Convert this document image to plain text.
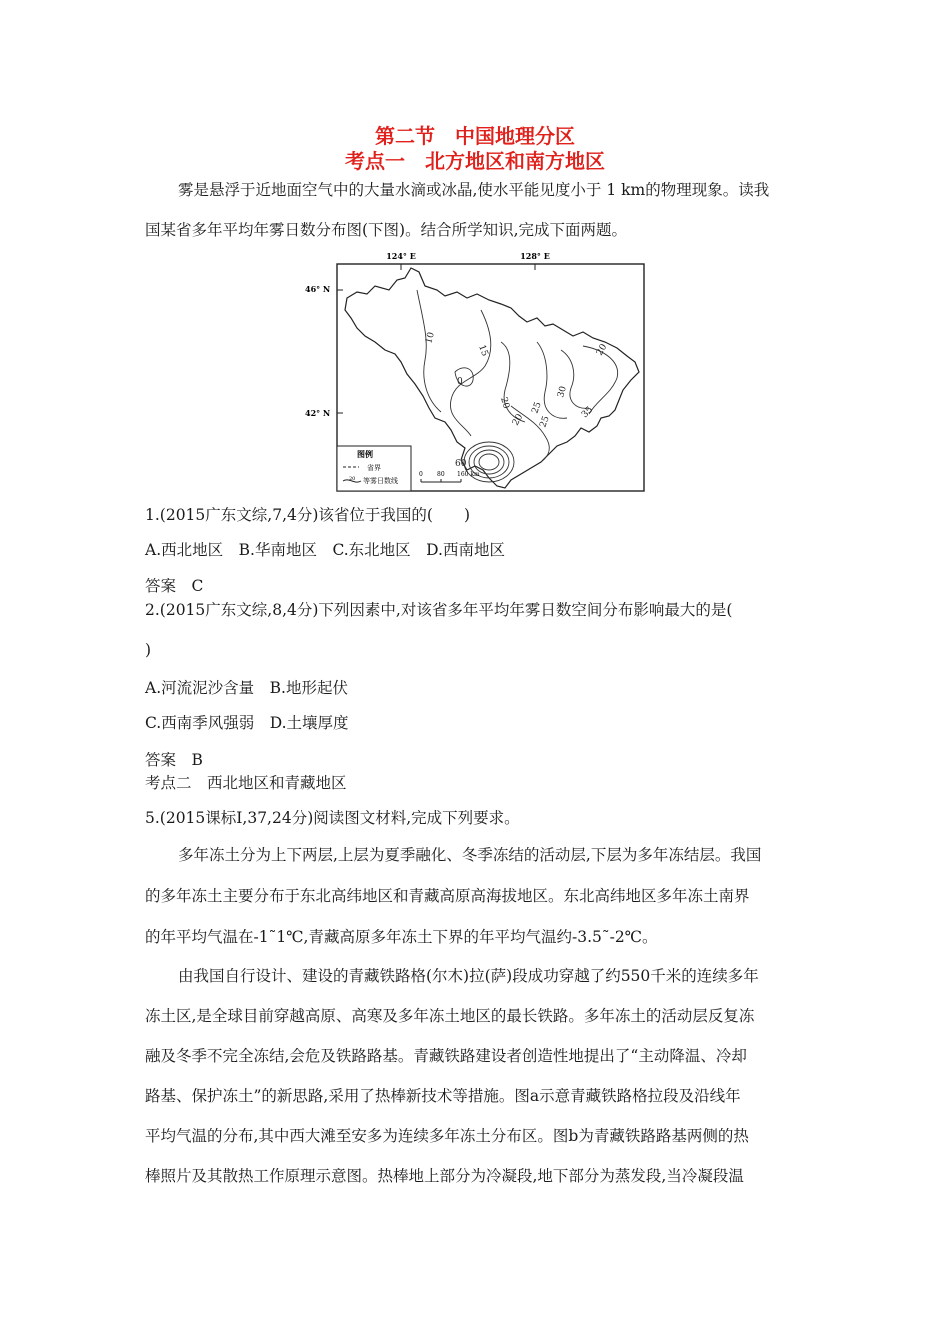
第二节　中国地理分区
考点一　北方地区和南方地区
雾是悬浮于近地面空气中的大量水滴或冰晶,使水平能见度小于 1 km的物理现象。读我
国某省多年平均年雾日数分布图(下图)。结合所学知识,完成下面两题。
124° E	128° E
46° N
42° N
10
15
0
20
20
25
30
35
20 25
60
图例
省界
20 等雾日数线
0 80 160 km
1.(2015广东文综,7,4分)该省位于我国的(　　)
A.西北地区　B.华南地区　C.东北地区　D.西南地区
答案　C
2.(2015广东文综,8,4分)下列因素中,对该省多年平均年雾日数空间分布影响最大的是(
)
A.河流泥沙含量　B.地形起伏
C.西南季风强弱　D.土壤厚度
答案　B
考点二　西北地区和青藏地区
5.(2015课标Ⅰ,37,24分)阅读图文材料,完成下列要求。
多年冻土分为上下两层,上层为夏季融化、冬季冻结的活动层,下层为多年冻结层。我国
的多年冻土主要分布于东北高纬地区和青藏高原高海拔地区。东北高纬地区多年冻土南界
的年平均气温在-1˜1℃,青藏高原多年冻土下界的年平均气温约-3.5˜-2℃。
由我国自行设计、建设的青藏铁路格(尔木)拉(萨)段成功穿越了约550千米的连续多年
冻土区,是全球目前穿越高原、高寒及多年冻土地区的最长铁路。多年冻土的活动层反复冻
融及冬季不完全冻结,会危及铁路路基。青藏铁路建设者创造性地提出了“主动降温、冷却
路基、保护冻土”的新思路,采用了热棒新技术等措施。图a示意青藏铁路格拉段及沿线年
平均气温的分布,其中西大滩至安多为连续多年冻土分布区。图b为青藏铁路路基两侧的热
棒照片及其散热工作原理示意图。热棒地上部分为冷凝段,地下部分为蒸发段,当冷凝段温
